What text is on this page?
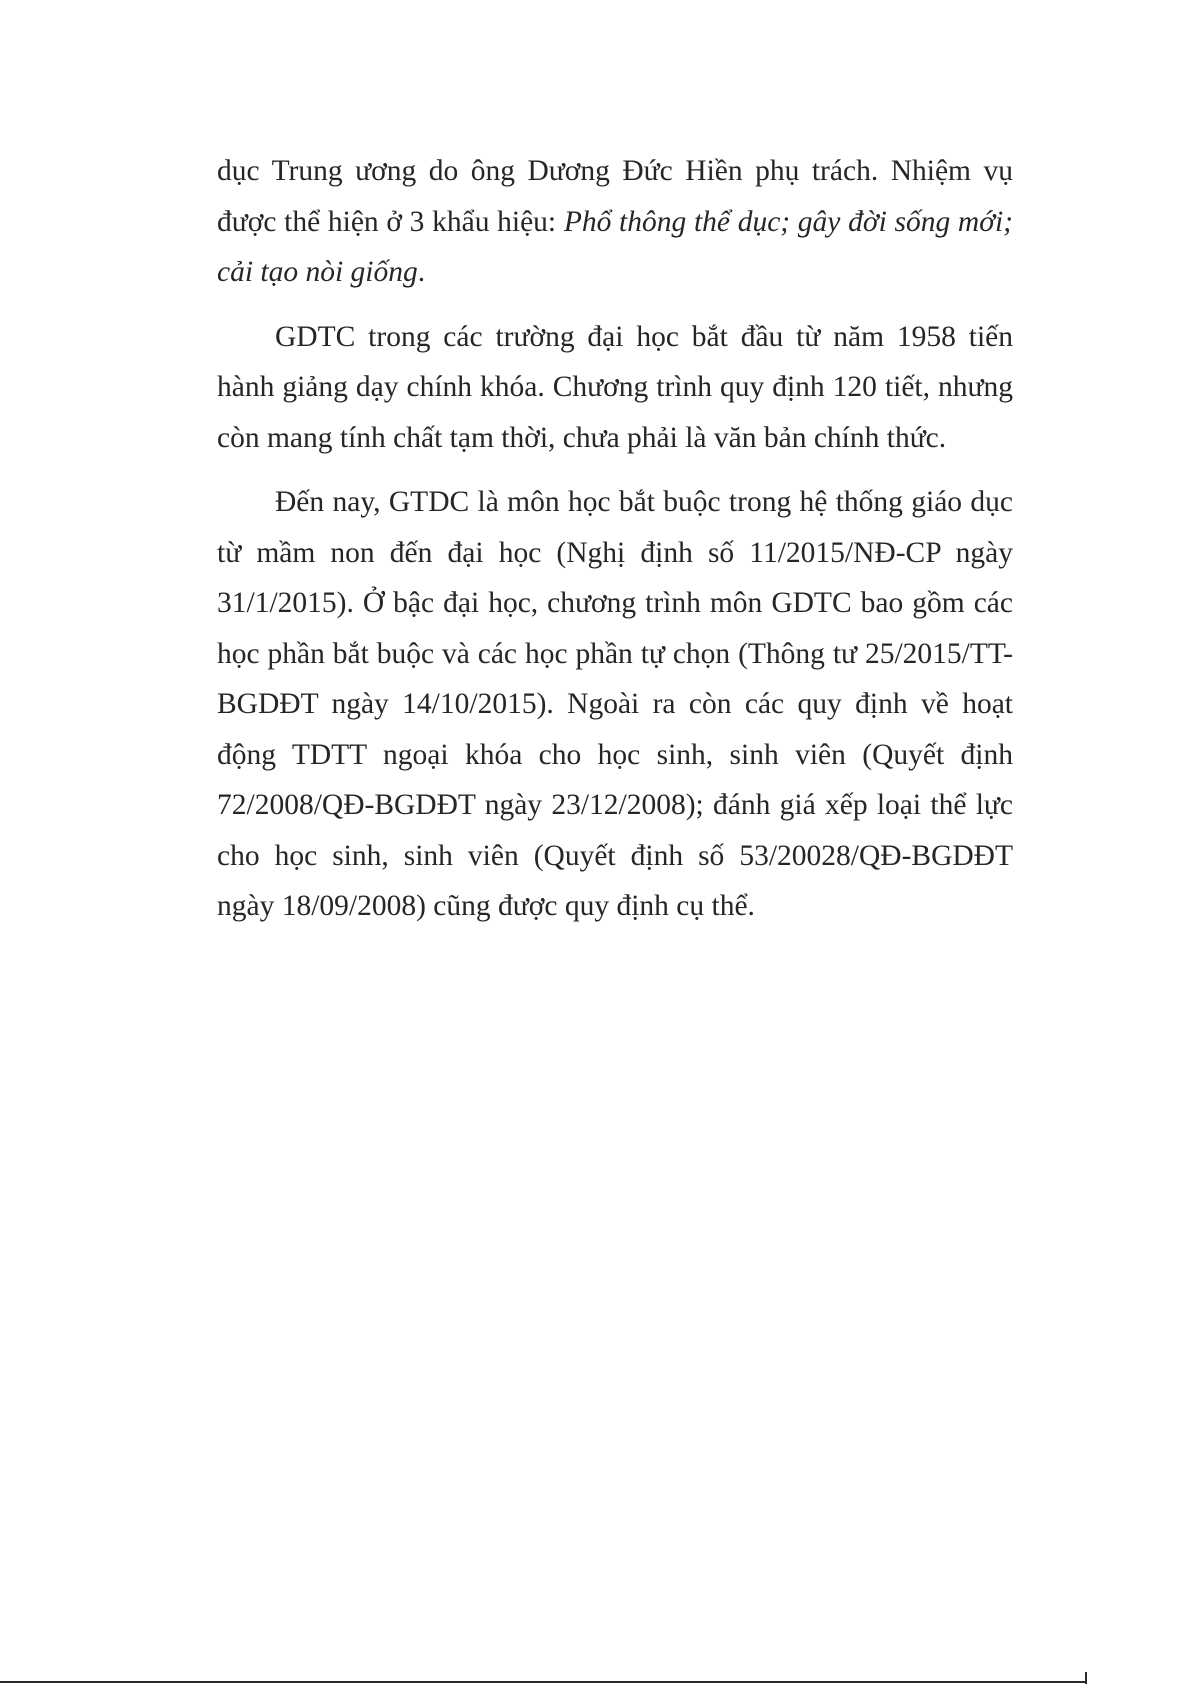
dục Trung ương do ông Dương Đức Hiền phụ trách. Nhiệm vụ được thể hiện ở 3 khẩu hiệu: Phổ thông thể dục; gây đời sống mới; cải tạo nòi giống.

GDTC trong các trường đại học bắt đầu từ năm 1958 tiến hành giảng dạy chính khóa. Chương trình quy định 120 tiết, nhưng còn mang tính chất tạm thời, chưa phải là văn bản chính thức.

Đến nay, GTDC là môn học bắt buộc trong hệ thống giáo dục từ mầm non đến đại học (Nghị định số 11/2015/NĐ-CP ngày 31/1/2015). Ở bậc đại học, chương trình môn GDTC bao gồm các học phần bắt buộc và các học phần tự chọn (Thông tư 25/2015/TT-BGDĐT ngày 14/10/2015). Ngoài ra còn các quy định về hoạt động TDTT ngoại khóa cho học sinh, sinh viên (Quyết định 72/2008/QĐ-BGDĐT ngày 23/12/2008); đánh giá xếp loại thể lực cho học sinh, sinh viên (Quyết định số 53/20028/QĐ-BGDĐT ngày 18/09/2008) cũng được quy định cụ thể.
